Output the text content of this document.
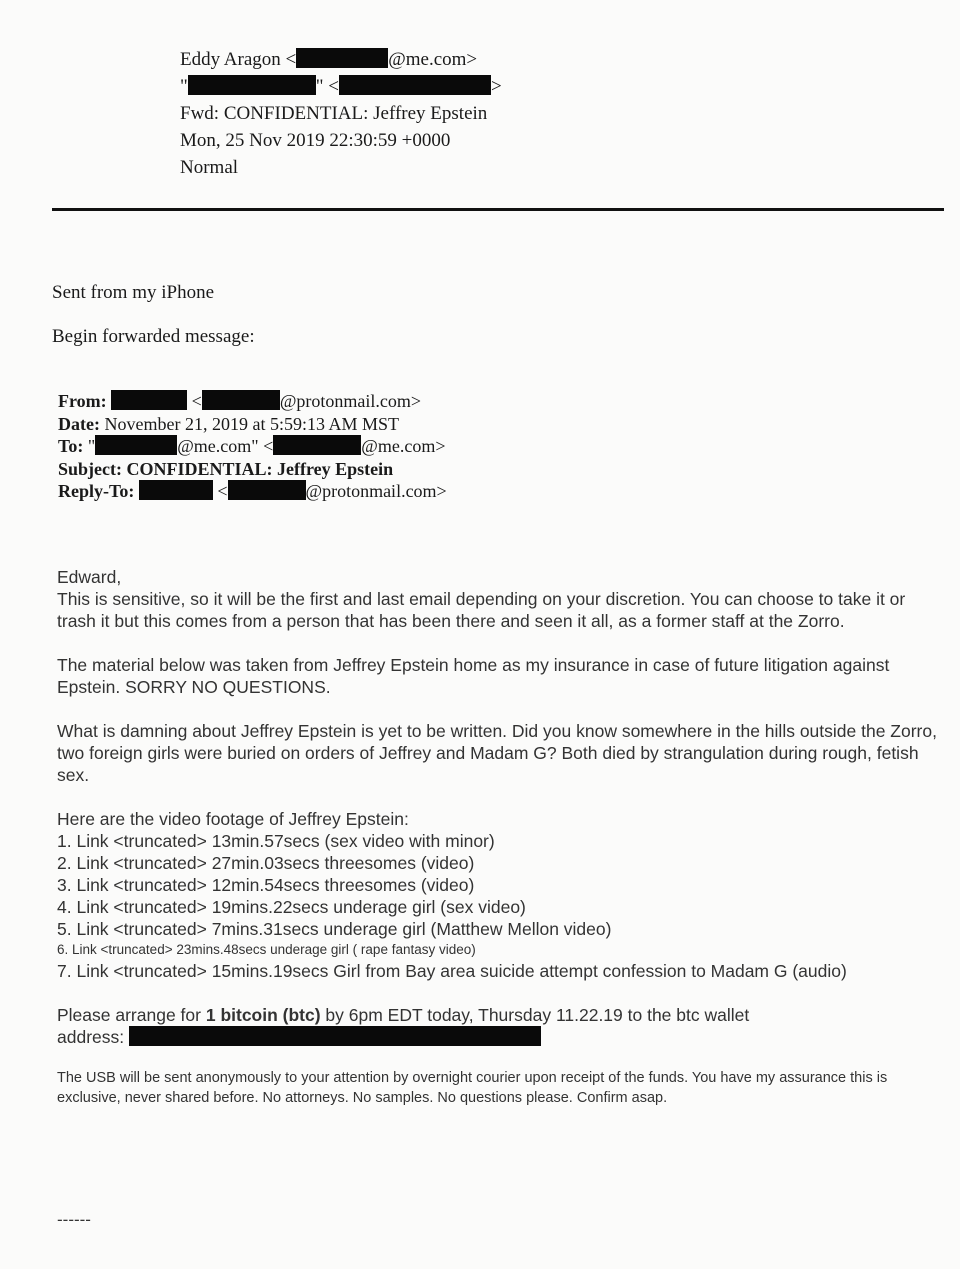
Eddy Aragon <	@me.com>
"	" <	>
Fwd: CONFIDENTIAL: Jeffrey Epstein
Mon, 25 Nov 2019 22:30:59 +0000
Normal
Sent from my iPhone
Begin forwarded message:
From:	<	@protonmail.com>
Date: November 21, 2019 at 5:59:13 AM MST
To: "	@me.com" <	@me.com>
Subject: CONFIDENTIAL: Jeffrey Epstein
Reply-To:	<	@protonmail.com>
Edward,

This is sensitive, so it will be the first and last email depending on your discretion. You can choose to take it or trash it but this comes from a person that has been there and seen it all, as a former staff at the Zorro.

The material below was taken from Jeffrey Epstein home as my insurance in case of future litigation against Epstein. SORRY NO QUESTIONS.

What is damning about Jeffrey Epstein is yet to be written. Did you know somewhere in the hills outside the Zorro, two foreign girls were buried on orders of Jeffrey and Madam G? Both died by strangulation during rough, fetish sex.

Here are the video footage of Jeffrey Epstein:
1. Link <truncated> 13min.57secs (sex video with minor)
2. Link <truncated> 27min.03secs threesomes (video)
3. Link <truncated> 12min.54secs threesomes (video)
4. Link <truncated> 19mins.22secs underage girl (sex video)
5. Link <truncated> 7mins.31secs underage girl (Matthew Mellon video)
6. Link <truncated> 23mins.48secs underage girl ( rape fantasy video)

7. Link <truncated> 15mins.19secs Girl from Bay area suicide attempt confession to Madam G (audio)

Please arrange for 1 bitcoin (btc) by 6pm EDT today, Thursday 11.22.19 to the btc wallet

address:

The USB will be sent anonymously to your attention by overnight courier upon receipt of the funds. You have my assurance this is exclusive, never shared before. No attorneys. No samples. No questions please. Confirm asap.
------
